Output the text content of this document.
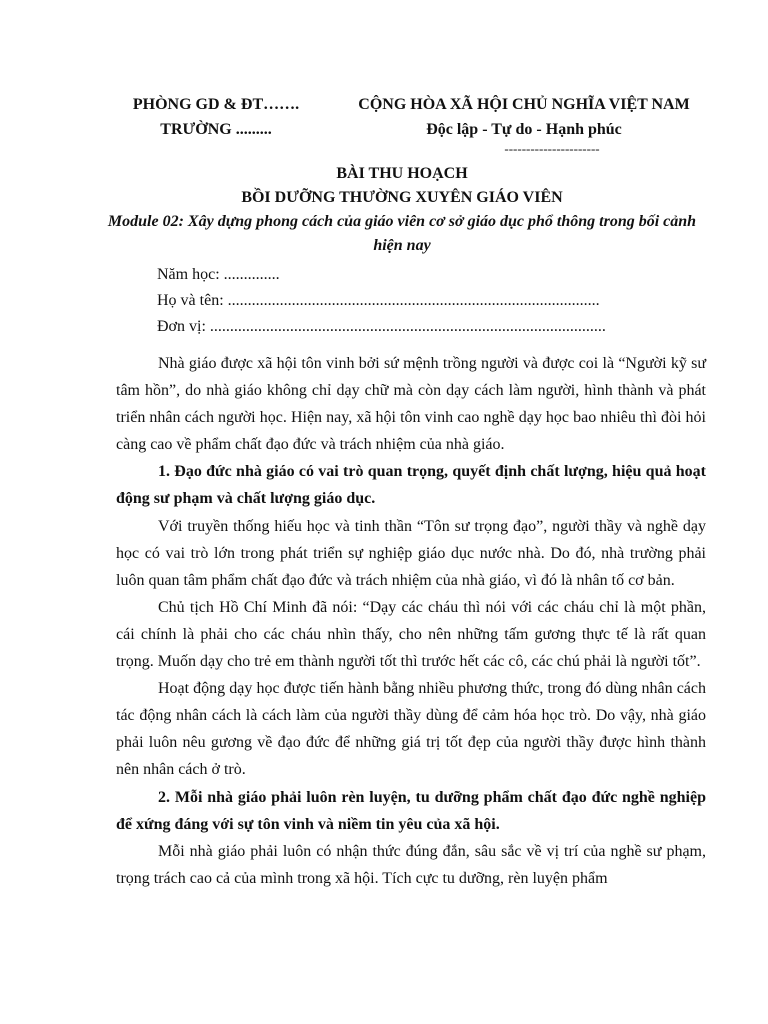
PHÒNG GD & ĐT…….
TRƯỜNG .........
CỘNG HÒA XÃ HỘI CHỦ NGHĨA VIỆT NAM
Độc lập - Tự do - Hạnh phúc
----------------------
BÀI THU HOẠCH
BỒI DƯỠNG THƯỜNG XUYÊN GIÁO VIÊN
Module 02: Xây dựng phong cách của giáo viên cơ sở giáo dục phổ thông trong bối cảnh hiện nay
Năm học: ..............
Họ và tên: .............................................................................................
Đơn vị: ...................................................................................................

Nhà giáo được xã hội tôn vinh bởi sứ mệnh trồng người và được coi là “Người kỹ sư tâm hồn”, do nhà giáo không chỉ dạy chữ mà còn dạy cách làm người, hình thành và phát triển nhân cách người học. Hiện nay, xã hội tôn vinh cao nghề dạy học bao nhiêu thì đòi hỏi càng cao về phẩm chất đạo đức và trách nhiệm của nhà giáo.

1. Đạo đức nhà giáo có vai trò quan trọng, quyết định chất lượng, hiệu quả hoạt động sư phạm và chất lượng giáo dục.

Với truyền thống hiếu học và tinh thần “Tôn sư trọng đạo”, người thầy và nghề dạy học có vai trò lớn trong phát triển sự nghiệp giáo dục nước nhà. Do đó, nhà trường phải luôn quan tâm phẩm chất đạo đức và trách nhiệm của nhà giáo, vì đó là nhân tố cơ bản.

Chủ tịch Hồ Chí Minh đã nói: “Dạy các cháu thì nói với các cháu chỉ là một phần, cái chính là phải cho các cháu nhìn thấy, cho nên những tấm gương thực tế là rất quan trọng. Muốn dạy cho trẻ em thành người tốt thì trước hết các cô, các chú phải là người tốt”.

Hoạt động dạy học được tiến hành bằng nhiều phương thức, trong đó dùng nhân cách tác động nhân cách là cách làm của người thầy dùng để cảm hóa học trò. Do vậy, nhà giáo phải luôn nêu gương về đạo đức để những giá trị tốt đẹp của người thầy được hình thành nên nhân cách ở trò.

2. Mỗi nhà giáo phải luôn rèn luyện, tu dưỡng phẩm chất đạo đức nghề nghiệp để xứng đáng với sự tôn vinh và niềm tin yêu của xã hội.

Mỗi nhà giáo phải luôn có nhận thức đúng đắn, sâu sắc về vị trí của nghề sư phạm, trọng trách cao cả của mình trong xã hội. Tích cực tu dưỡng, rèn luyện phẩm
